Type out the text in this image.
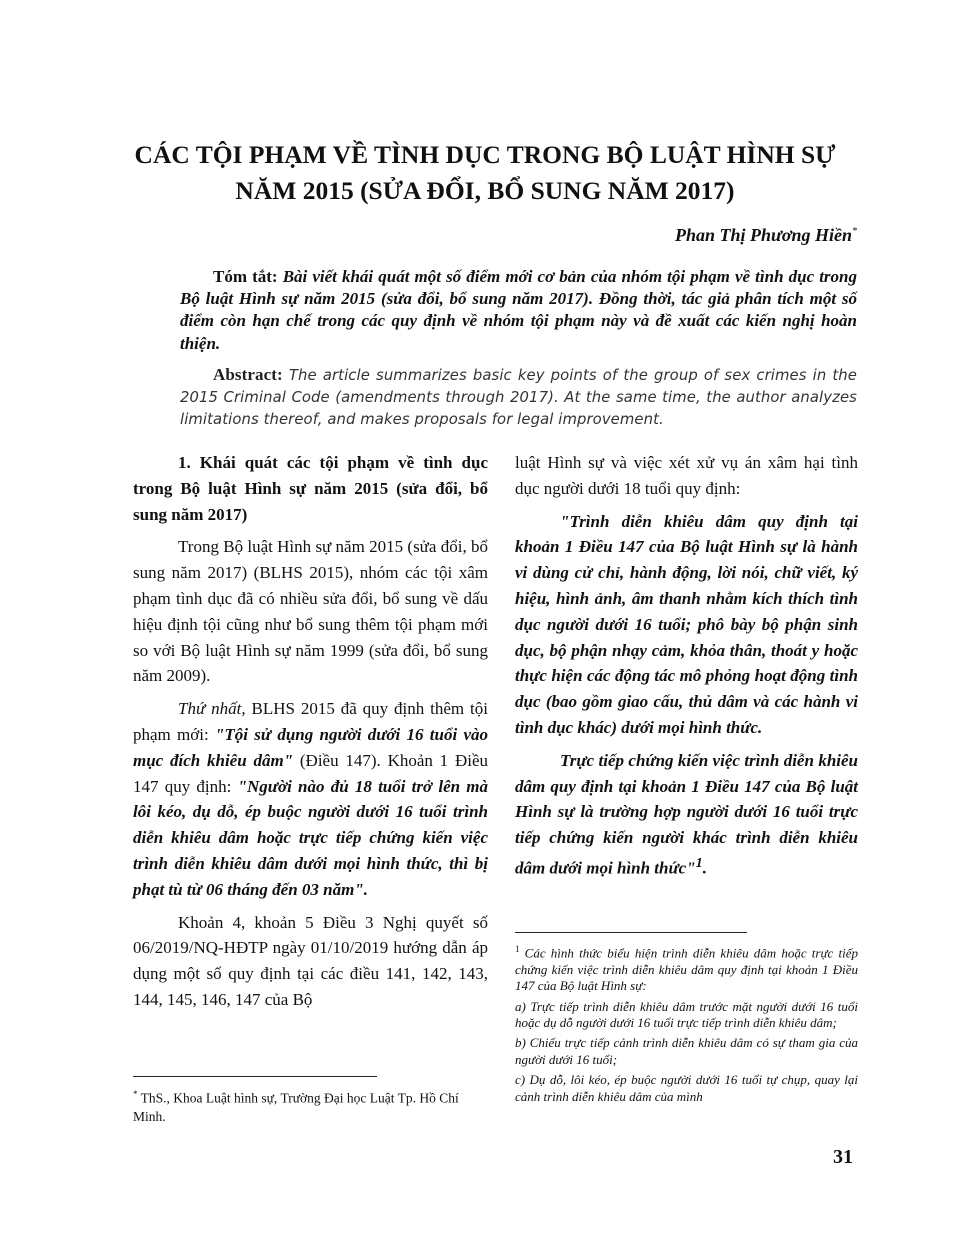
CÁC TỘI PHẠM VỀ TÌNH DỤC TRONG BỘ LUẬT HÌNH SỰ
NĂM 2015 (SỬA ĐỔI, BỔ SUNG NĂM 2017)
Phan Thị Phương Hiền*
Tóm tắt: Bài viết khái quát một số điểm mới cơ bản của nhóm tội phạm về tình dục trong Bộ luật Hình sự năm 2015 (sửa đổi, bổ sung năm 2017). Đồng thời, tác giả phân tích một số điểm còn hạn chế trong các quy định về nhóm tội phạm này và đề xuất các kiến nghị hoàn thiện.
Abstract: The article summarizes basic key points of the group of sex crimes in the 2015 Criminal Code (amendments through 2017). At the same time, the author analyzes limitations thereof, and makes proposals for legal improvement.

1. Khái quát các tội phạm về tình dục trong Bộ luật Hình sự năm 2015 (sửa đổi, bổ sung năm 2017)

Trong Bộ luật Hình sự năm 2015 (sửa đổi, bổ sung năm 2017) (BLHS 2015), nhóm các tội xâm phạm tình dục đã có nhiều sửa đổi, bổ sung về dấu hiệu định tội cũng như bổ sung thêm tội phạm mới so với Bộ luật Hình sự năm 1999 (sửa đổi, bổ sung năm 2009).

Thứ nhất, BLHS 2015 đã quy định thêm tội phạm mới: "Tội sử dụng người dưới 16 tuổi vào mục đích khiêu dâm" (Điều 147). Khoản 1 Điều 147 quy định: "Người nào đủ 18 tuổi trở lên mà lôi kéo, dụ dỗ, ép buộc người dưới 16 tuổi trình diễn khiêu dâm hoặc trực tiếp chứng kiến việc trình diễn khiêu dâm dưới mọi hình thức, thì bị phạt tù từ 06 tháng đến 03 năm".

Khoản 4, khoản 5 Điều 3 Nghị quyết số 06/2019/NQ-HĐTP ngày 01/10/2019 hướng dẫn áp dụng một số quy định tại các điều 141, 142, 143, 144, 145, 146, 147 của Bộ

luật Hình sự và việc xét xử vụ án xâm hại tình dục người dưới 18 tuổi quy định:

"Trình diễn khiêu dâm quy định tại khoản 1 Điều 147 của Bộ luật Hình sự là hành vi dùng cử chỉ, hành động, lời nói, chữ viết, ký hiệu, hình ảnh, âm thanh nhằm kích thích tình dục người dưới 16 tuổi; phô bày bộ phận sinh dục, bộ phận nhạy cảm, khỏa thân, thoát y hoặc thực hiện các động tác mô phỏng hoạt động tình dục (bao gồm giao cấu, thủ dâm và các hành vi tình dục khác) dưới mọi hình thức.

Trực tiếp chứng kiến việc trình diễn khiêu dâm quy định tại khoản 1 Điều 147 của Bộ luật Hình sự là trường hợp người dưới 16 tuổi trực tiếp chứng kiến người khác trình diễn khiêu dâm dưới mọi hình thức"$^1$.

$^1$ Các hình thức biểu hiện trình diễn khiêu dâm hoặc trực tiếp chứng kiến việc trình diễn khiêu dâm quy định tại khoản 1 Điều 147 của Bộ luật Hình sự:

a) Trực tiếp trình diễn khiêu dâm trước mặt người dưới 16 tuổi hoặc dụ dỗ người dưới 16 tuổi trực tiếp trình diễn khiêu dâm;

b) Chiếu trực tiếp cảnh trình diễn khiêu dâm có sự tham gia của người dưới 16 tuổi;

c) Dụ dỗ, lôi kéo, ép buộc người dưới 16 tuổi tự chụp, quay lại cảnh trình diễn khiêu dâm của mình

* ThS., Khoa Luật hình sự, Trường Đại học Luật Tp. Hồ Chí Minh.
31
